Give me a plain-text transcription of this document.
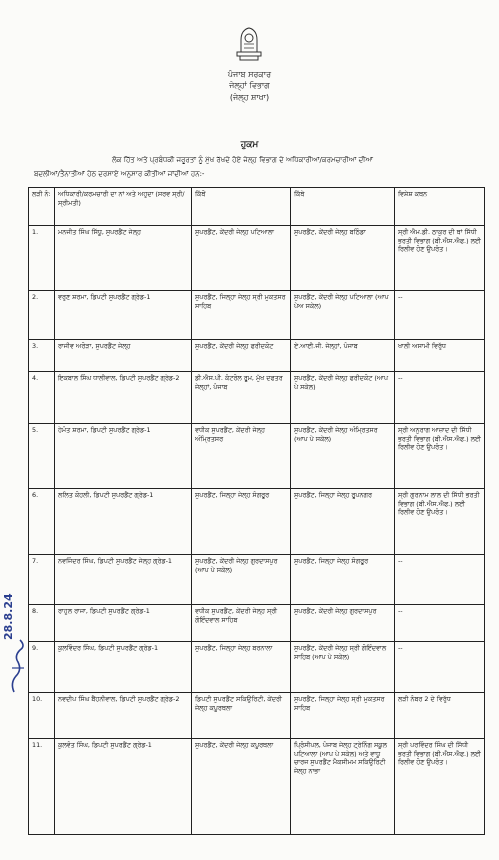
ਪੰਜਾਬ ਸਰਕਾਰ
ਜੇਲ੍ਹਾਂ ਵਿਭਾਗ
(ਜੇਲ੍ਹ ਸ਼ਾਖਾ)
ਹੁਕਮ
ਲੋਕ ਹਿੱਤ ਅਤੇ ਪ੍ਰਬੰਧਕੀ ਜਰੂਰਤਾਂ ਨੂੰ ਮੁੱਖ ਰੱਖਦੇ ਹੋਏ ਜੇਲ੍ਹ ਵਿਭਾਗ ਦੇ ਅਧਿਕਾਰੀਆਂ/ਕਰਮਚਾਰੀਆਂ ਦੀਆਂ
ਬਦਲੀਆਂ/ਤੈਨਾਤੀਆਂ ਹੇਠ ਦਰਸਾਏ ਅਨੁਸਾਰ ਕੀਤੀਆਂ ਜਾਂਦੀਆਂ ਹਨ:-
ਲੜੀ ਨੰ:	ਅਧਿਕਾਰੀ/ਕਰਮਚਾਰੀ ਦਾ ਨਾਂ ਅਤੇ ਅਹੁਦਾ (ਸਰਵ ਸ੍ਰੀ/ਸ੍ਰੀਮਤੀ)	ਕਿੱਥੋਂ	ਕਿੱਥੇ	ਵਿਸ਼ੇਸ਼ ਕਥਨ
1.	ਮਨਜੀਤ ਸਿੰਘ ਸਿੱਧੂ, ਸੁਪਰਡੈਂਟ ਜੇਲ੍ਹ	ਸੁਪਰਡੈਂਟ, ਕੇਂਦਰੀ ਜੇਲ੍ਹ ਪਟਿਆਲਾ	ਸੁਪਰਡੈਂਟ, ਕੇਂਦਰੀ ਜੇਲ੍ਹ ਬਠਿੰਡਾ	ਸ੍ਰੀ ਐਮ.ਡੀ. ਠਾਕੁਰ ਦੀ ਥਾਂ ਸਿੱਧੀ ਭਰਤੀ ਵਿਭਾਗ (ਬੀ.ਐਸ.ਐਫ.) ਲਈ ਰਿਲੀਵ ਹੋਣ ਉਪਰੰਤ।
2.	ਵਰੁਣ ਸ਼ਰਮਾ, ਡਿਪਟੀ ਸੁਪਰਡੈਂਟ ਗ੍ਰੇਡ-1	ਸੁਪਰਡੈਂਟ, ਜਿਲ੍ਹਾ ਜੇਲ੍ਹ ਸ੍ਰੀ ਮੁਕਤਸਰ ਸਾਹਿਬ	ਸੁਪਰਡੈਂਟ, ਕੇਂਦਰੀ ਜੇਲ੍ਹ ਪਟਿਆਲਾ (ਆਪ ਪੇਅ ਸਕੇਲ)	--
3.	ਰਾਜੀਵ ਅਰੋੜਾ, ਸੁਪਰਡੈਂਟ ਜੇਲ੍ਹ	ਸੁਪਰਡੈਂਟ, ਕੇਂਦਰੀ ਜੇਲ੍ਹ ਫਰੀਦਕੋਟ	ਏ.ਆਈ.ਜੀ. ਜੇਲ੍ਹਾਂ, ਪੰਜਾਬ	ਖਾਲੀ ਅਸਾਮੀ ਵਿਰੁੱਧ
4.	ਇਕਬਾਲ ਸਿੰਘ ਧਾਲੀਵਾਲ, ਡਿਪਟੀ ਸੁਪਰਡੈਂਟ ਗ੍ਰੇਡ-2	ਡੀ.ਐਸ.ਪੀ. ਕੰਟਰੋਲ ਰੂਮ, ਮੁੱਖ ਦਫਤਰ ਜੇਲ੍ਹਾਂ, ਪੰਜਾਬ	ਸੁਪਰਡੈਂਟ, ਕੇਂਦਰੀ ਜੇਲ੍ਹ ਫਰੀਦਕੋਟ (ਆਪ ਪੇ ਸਕੇਲ)	--
5.	ਹੇਮੰਤ ਸ਼ਰਮਾ, ਡਿਪਟੀ ਸੁਪਰਡੈਂਟ ਗ੍ਰੇਡ-1	ਵਧੀਕ ਸੁਪਰਡੈਂਟ, ਕੇਂਦਰੀ ਜੇਲ੍ਹ ਅੰਮ੍ਰਿਤਸਰ	ਸੁਪਰਡੈਂਟ, ਕੇਂਦਰੀ ਜੇਲ੍ਹ ਅੰਮ੍ਰਿਤਸਰ (ਆਪ ਪੇ ਸਕੇਲ)	ਸ੍ਰੀ ਅਨੁਰਾਗ ਆਜ਼ਾਦ ਦੀ ਸਿੱਧੀ ਭਰਤੀ ਵਿਭਾਗ (ਬੀ.ਐਸ.ਐਫ.) ਲਈ ਰਿਲੀਵ ਹੋਣ ਉਪਰੰਤ।
6.	ਲਲਿਤ ਕੋਹਲੀ, ਡਿਪਟੀ ਸੁਪਰਡੈਂਟ ਗ੍ਰੇਡ-1	ਸੁਪਰਡੈਂਟ, ਜਿਲ੍ਹਾ ਜੇਲ੍ਹ ਸੰਗਰੂਰ	ਸੁਪਰਡੈਂਟ, ਜਿਲ੍ਹਾ ਜੇਲ੍ਹ ਰੂਪਨਗਰ	ਸ੍ਰੀ ਗੁਰਨਾਮ ਲਾਲ ਦੀ ਸਿੱਧੀ ਭਰਤੀ ਵਿਭਾਗ (ਬੀ.ਐਸ.ਐਫ.) ਲਈ ਰਿਲੀਵ ਹੋਣ ਉਪਰੰਤ।
7.	ਨਵਜਿੰਦਰ ਸਿੰਘ, ਡਿਪਟੀ ਸੁਪਰਡੈਂਟ ਜੇਲ੍ਹ ਗ੍ਰੇਡ-1	ਸੁਪਰਡੈਂਟ, ਕੇਂਦਰੀ ਜੇਲ੍ਹ ਗੁਰਦਾਸਪੁਰ (ਆਪ ਪੇ ਸਕੇਲ)	ਸੁਪਰਡੈਂਟ, ਜਿਲ੍ਹਾ ਜੇਲ੍ਹ ਸੰਗਰੂਰ	--
8.	ਰਾਹੁਲ ਰਾਜਾ, ਡਿਪਟੀ ਸੁਪਰਡੈਂਟ ਗ੍ਰੇਡ-1	ਵਧੀਕ ਸੁਪਰਡੈਂਟ, ਕੇਂਦਰੀ ਜੇਲ੍ਹ ਸ੍ਰੀ ਗੋਇੰਦਵਾਲ ਸਾਹਿਬ	ਸੁਪਰਡੈਂਟ, ਕੇਂਦਰੀ ਜੇਲ੍ਹ ਗੁਰਦਾਸਪੁਰ	--
9.	ਕੁਲਵਿੰਦਰ ਸਿੰਘ, ਡਿਪਟੀ ਸੁਪਰਡੈਂਟ ਗ੍ਰੇਡ-1	ਸੁਪਰਡੈਂਟ, ਜਿਲ੍ਹਾ ਜੇਲ੍ਹ ਬਰਨਾਲਾ	ਸੁਪਰਡੈਂਟ, ਕੇਂਦਰੀ ਜੇਲ੍ਹ ਸ੍ਰੀ ਗੋਇੰਦਵਾਲ ਸਾਹਿਬ (ਆਪ ਪੇ ਸਕੇਲ)	--
10.	ਨਵਦੀਪ ਸਿੰਘ ਬੈਂਹਨੀਵਾਲ, ਡਿਪਟੀ ਸੁਪਰਡੈਂਟ ਗ੍ਰੇਡ-2	ਡਿਪਟੀ ਸੁਪਰਡੈਂਟ ਸਕਿਉਰਿਟੀ, ਕੇਂਦਰੀ ਜੇਲ੍ਹ ਕਪੂਰਥਲਾ	ਸੁਪਰਡੈਂਟ, ਜਿਲ੍ਹਾ ਜੇਲ੍ਹ ਸ੍ਰੀ ਮੁਕਤਸਰ ਸਾਹਿਬ	ਲੜੀ ਨੰਬਰ 2 ਦੇ ਵਿਰੁੱਧ
11.	ਕੁਲਵੰਤ ਸਿੰਘ, ਡਿਪਟੀ ਸੁਪਰਡੈਂਟ ਗ੍ਰੇਡ-1	ਸੁਪਰਡੈਂਟ, ਕੇਂਦਰੀ ਜੇਲ੍ਹ ਕਪੂਰਥਲਾ	ਪ੍ਰਿੰਸੀਪਲ, ਪੰਜਾਬ ਜੇਲ੍ਹ ਟ੍ਰੇਨਿੰਗ ਸਕੂਲ ਪਟਿਆਲਾ (ਆਪ ਪੇ ਸਕੇਲ) ਅਤੇ ਵਾਧੂ ਚਾਰਜ ਸੁਪਰਡੈਂਟ ਮੈਕਸੀਮਮ ਸਕਿਉਰਿਟੀ ਜੇਲ੍ਹ ਨਾਭਾ	ਸ੍ਰੀ ਪਰਵਿੰਦਰ ਸਿੰਘ ਦੀ ਸਿੱਧੀ ਭਰਤੀ ਵਿਭਾਗ (ਬੀ.ਐਸ.ਐਫ.) ਲਈ ਰਿਲੀਵ ਹੋਣ ਉਪਰੰਤ।
28.8.24
